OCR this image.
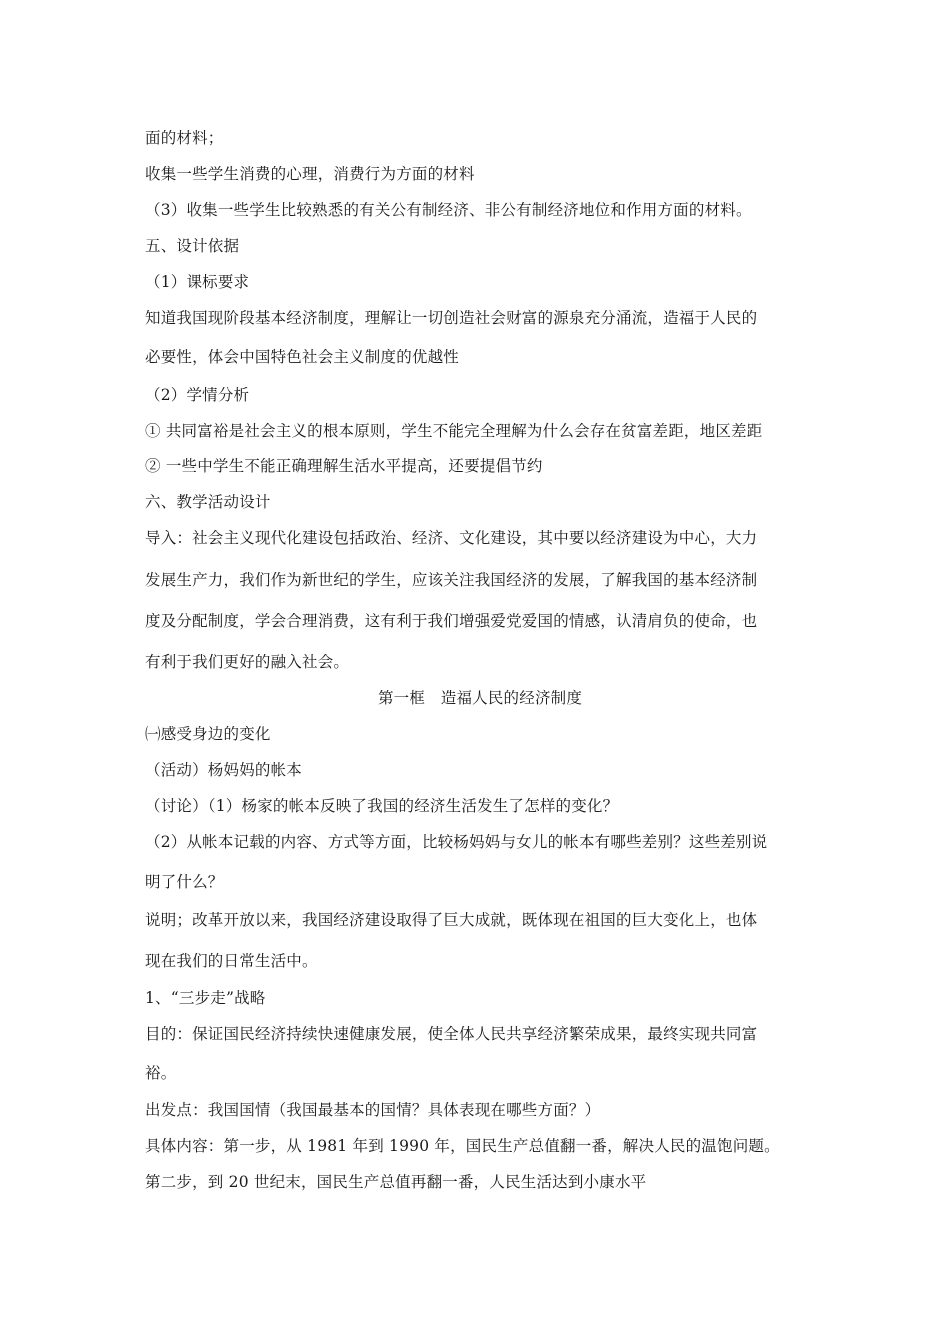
面的材料；
收集一些学生消费的心理，消费行为方面的材料
（3）收集一些学生比较熟悉的有关公有制经济、非公有制经济地位和作用方面的材料。
五、设计依据
（1）课标要求
知道我国现阶段基本经济制度，理解让一切创造社会财富的源泉充分涌流，造福于人民的
必要性，体会中国特色社会主义制度的优越性
（2）学情分析
① 共同富裕是社会主义的根本原则，学生不能完全理解为什么会存在贫富差距，地区差距
② 一些中学生不能正确理解生活水平提高，还要提倡节约
六、教学活动设计
导入：社会主义现代化建设包括政治、经济、文化建设，其中要以经济建设为中心，大力
发展生产力，我们作为新世纪的学生，应该关注我国经济的发展，了解我国的基本经济制
度及分配制度，学会合理消费，这有利于我们增强爱党爱国的情感，认清肩负的使命，也
有利于我们更好的融入社会。
第一框　造福人民的经济制度
㈠感受身边的变化
（活动）杨妈妈的帐本
（讨论）（1）杨家的帐本反映了我国的经济生活发生了怎样的变化？
（2）从帐本记载的内容、方式等方面，比较杨妈妈与女儿的帐本有哪些差别？这些差别说
明了什么？
说明；改革开放以来，我国经济建设取得了巨大成就，既体现在祖国的巨大变化上，也体
现在我们的日常生活中。
1、“三步走”战略
目的：保证国民经济持续快速健康发展，使全体人民共享经济繁荣成果，最终实现共同富
裕。
出发点：我国国情（我国最基本的国情？具体表现在哪些方面？）
具体内容：第一步，从 1981 年到 1990 年，国民生产总值翻一番，解决人民的温饱问题。
第二步，到 20 世纪末，国民生产总值再翻一番，人民生活达到小康水平
